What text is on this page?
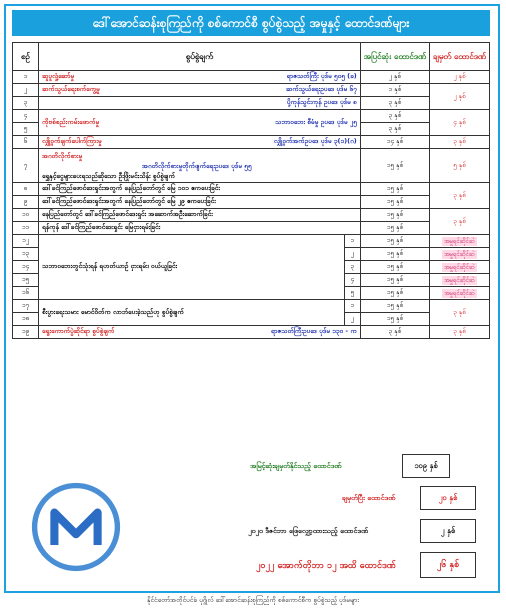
ဒေါ်အောင်ဆန်းစုကြည်ကို စစ်ကောင်စီ စွပ်စွဲသည့် အမှုနှင့် ထောင်ဒဏ်များ
စဉ်	စွပ်စွဲချက်		အပြင်ဆုံး ထောင်ဒဏ်	ချမှတ် ထောင်ဒဏ်
၁	ဆူပူလှုံ့ဆော်မှု ရာဇသတ်ကြီး ပုဒ်မ ၅၀၅ (ခ)		၂ နှစ်	၂ နှစ်
၂	ဆက်သွယ်ရေးစက်ကွေ့မှု ဆက်သွယ်ရေးဥပဒေ ပုဒ်မ ၆၇		၁ နှစ်	၂ နှစ်
၃	ပို့ကုန်သွင်းကုန် ဥပဒေ ပုဒ်မ ၈		၃ နှစ်	
၄	ကိုဗစ်စည်းကမ်းဖောက်မှု သဘာဝဘေး စီမံမှု ဥပဒေ ပုဒ်မ ၂၅		၃ နှစ်	၄ နှစ်
၅			၃ နှစ်	
၆	လျှို့ဝှက်ချက်ပေါက်ကြားမှု လျှို့ဝှက်အက်ဥပဒေ ပုဒ်မ ၃(၁)(ဂ)		၁၄ နှစ်	၃ နှစ်
၇	အဂတိလိုက်စားမှု
အဂတိလိုက်စားမှုတိုက်ဖျက်ရေးဥပဒေ ပုဒ်မ ၅၅
ရွှေနှင့်ငွေများပေးရသည်ဆိုသော ဦးဖြိုးမင်းသိန်း စွပ်စွဲချက်		၁၅ နှစ်	၅ နှစ်
၈	ဒေါ်ခင်ကြည်ဖောင်ဒေးရှင်းအတွက် နေပြည်တော်တွင် မြေ ၁၀၁ ဧကပေးခြင်း		၁၅ နှစ်	၃ နှစ်
၉	ဒေါ်ခင်ကြည်ဖောင်ဒေးရှင်းအတွက် နေပြည်တော်တွင် မြေ ၂၉ ဧကပေးခြင်း		၁၅ နှစ်	
၁၀	နေပြည်တော်တွင် ဒေါ်ခင်ကြည်ဖောင်ဒေးရှင်း အဆောက်အဦးဆောက်ခြင်း		၁၅ နှစ်	၃ နှစ်
၁၁	ရန်ကုန် ဒေါ်ခင်ကြည်ဖောင်ဒေးရှင်း မြေငှားရမ်းခြင်း		၁၅ နှစ်	
၁၂	သဘာဝဘေးတွင်သုံးရန် ရဟတ်ယာဉ် ငှားရမ်း၊ ဝယ်ယူခြင်း	၁	၁၅ နှစ်	အမှုရင်ဆိုင်ဆဲ
၁၃		၂	၁၅ နှစ်	အမှုရင်ဆိုင်ဆဲ
၁၄		၃	၁၅ နှစ်	အမှုရင်ဆိုင်ဆဲ
၁၅		၄	၁၅ နှစ်	အမှုရင်ဆိုင်ဆဲ
၁၆		၅	၁၅ နှစ်	အမှုရင်ဆိုင်ဆဲ
၁၇	စီးပွားရေးသမား မောင်ဝိတ်က လာဘ်ပေးခဲ့သည်ဟု စွပ်စွဲချက်	၁	၁၅ နှစ်	၃ နှစ်
၁၈		၂	၁၅ နှစ်	
၁၉	ရွေးကောက်ပွဲဆိုင်ရာ စွပ်စွဲချက် ရာဇသတ်ကြီးဥပဒေ ပုဒ်မ ၁၃၀ - က		၃ နှစ်	၃ နှစ်
အမြင့်ဆုံးချမှတ်နိုင်သည့် ထောင်ဒဏ်	၁၀၉ နှစ်
ချမှတ်ပြီး ထောင်ဒဏ်	၂၀ နှစ်
၂၀၂၀ ဒီဇင်ဘာ ဖြေလျှော့ထားသည့် ထောင်ဒဏ်	၂ နှစ်
၂၀၂၂ အောက်တိုဘာ ၁၂ အထိ ထောင်ဒဏ်	၂၆ နှစ်
နိုင်ငံတော်အတိုင်ပင်ခံ ပုဂ္ဂိုလ် ဒေါ်အောင်ဆန်းစုကြည်ကို စစ်ကောင်စီက စွပ်စွဲသည့် ပုဒ်မများ
